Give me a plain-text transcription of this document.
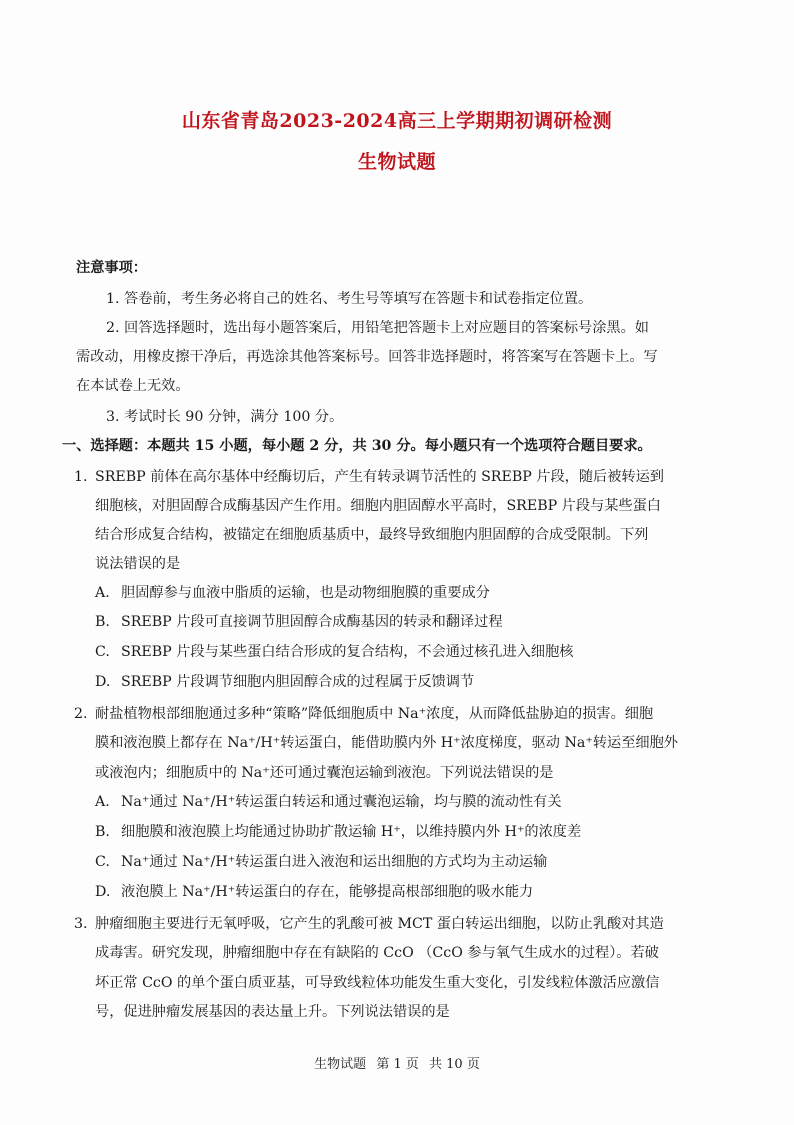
山东省青岛2023-2024高三上学期期初调研检测
生物试题
注意事项：
1. 答卷前，考生务必将自己的姓名、考生号等填写在答题卡和试卷指定位置。
2. 回答选择题时，选出每小题答案后，用铅笔把答题卡上对应题目的答案标号涂黑。如
需改动，用橡皮擦干净后，再选涂其他答案标号。回答非选择题时，将答案写在答题卡上。写
在本试卷上无效。
3. 考试时长 90 分钟，满分 100 分。
一、选择题：本题共 15 小题，每小题 2 分，共 30 分。每小题只有一个选项符合题目要求。
1. SREBP 前体在高尔基体中经酶切后，产生有转录调节活性的 SREBP 片段，随后被转运到
细胞核，对胆固醇合成酶基因产生作用。细胞内胆固醇水平高时，SREBP 片段与某些蛋白
结合形成复合结构，被锚定在细胞质基质中，最终导致细胞内胆固醇的合成受限制。下列
说法错误的是
A. 胆固醇参与血液中脂质的运输，也是动物细胞膜的重要成分
B. SREBP 片段可直接调节胆固醇合成酶基因的转录和翻译过程
C. SREBP 片段与某些蛋白结合形成的复合结构，不会通过核孔进入细胞核
D. SREBP 片段调节细胞内胆固醇合成的过程属于反馈调节
2. 耐盐植物根部细胞通过多种“策略”降低细胞质中 Na⁺浓度，从而降低盐胁迫的损害。细胞
膜和液泡膜上都存在 Na⁺/H⁺转运蛋白，能借助膜内外 H⁺浓度梯度，驱动 Na⁺转运至细胞外
或液泡内；细胞质中的 Na⁺还可通过囊泡运输到液泡。下列说法错误的是
A. Na⁺通过 Na⁺/H⁺转运蛋白转运和通过囊泡运输，均与膜的流动性有关
B. 细胞膜和液泡膜上均能通过协助扩散运输 H⁺，以维持膜内外 H⁺的浓度差
C. Na⁺通过 Na⁺/H⁺转运蛋白进入液泡和运出细胞的方式均为主动运输
D. 液泡膜上 Na⁺/H⁺转运蛋白的存在，能够提高根部细胞的吸水能力
3. 肿瘤细胞主要进行无氧呼吸，它产生的乳酸可被 MCT 蛋白转运出细胞，以防止乳酸对其造
成毒害。研究发现，肿瘤细胞中存在有缺陷的 CcO （CcO 参与氧气生成水的过程）。若破
坏正常 CcO 的单个蛋白质亚基，可导致线粒体功能发生重大变化，引发线粒体激活应激信
号，促进肿瘤发展基因的表达量上升。下列说法错误的是
生物试题 第 1 页 共 10 页
